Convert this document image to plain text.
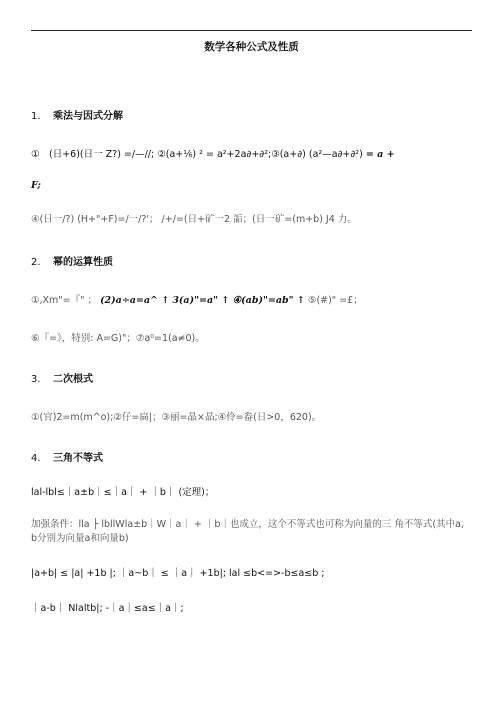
数学各种公式及性质
1. 乘法与因式分解
①　(日+6)(日一 Z?) =/—//; ②(a+⅙) ² = a²+2a∂+∂²;③(a+∂) (a²—a∂+∂²) = a +
F;
④(日一/?) (H+"+F)=/一/?'； /+/=(日+矿一2 詬；(日一矿=(m+b) J4 力。
2. 幂的运算性质
①,Xm"=『" ； (2)a÷a=a^ ↑ 3(a)"=a" ↑ ④(ab)"=ab" ↑ ⑤(#)" =£；
⑥『=》，特别: A=G)"；⑦a⁰=1(a≠0)。
3. 二次根式
①(官)2=m(m^o);②仔=扁|；③丽=晶×晶;④伶=畚(日>0，620)。
4. 三角不等式
lal-lbl≤｜a±b｜≤｜a｜ + ｜b｜ (定理)；
加强条件：lla ├ lbllWla±b｜W｜a｜ + ｜b｜也成立，这个不等式也可称为向量的三 角不等式(其中a, b分别为向量a和向量b)
|a+b| ≤ |a| +1b |; ｜a~b｜ ≤ ｜a｜ +1b|; lal ≤b<=>-b≤a≤b ;
｜a-b｜ Nlaltb|; -｜a｜≤a≤｜a｜;
